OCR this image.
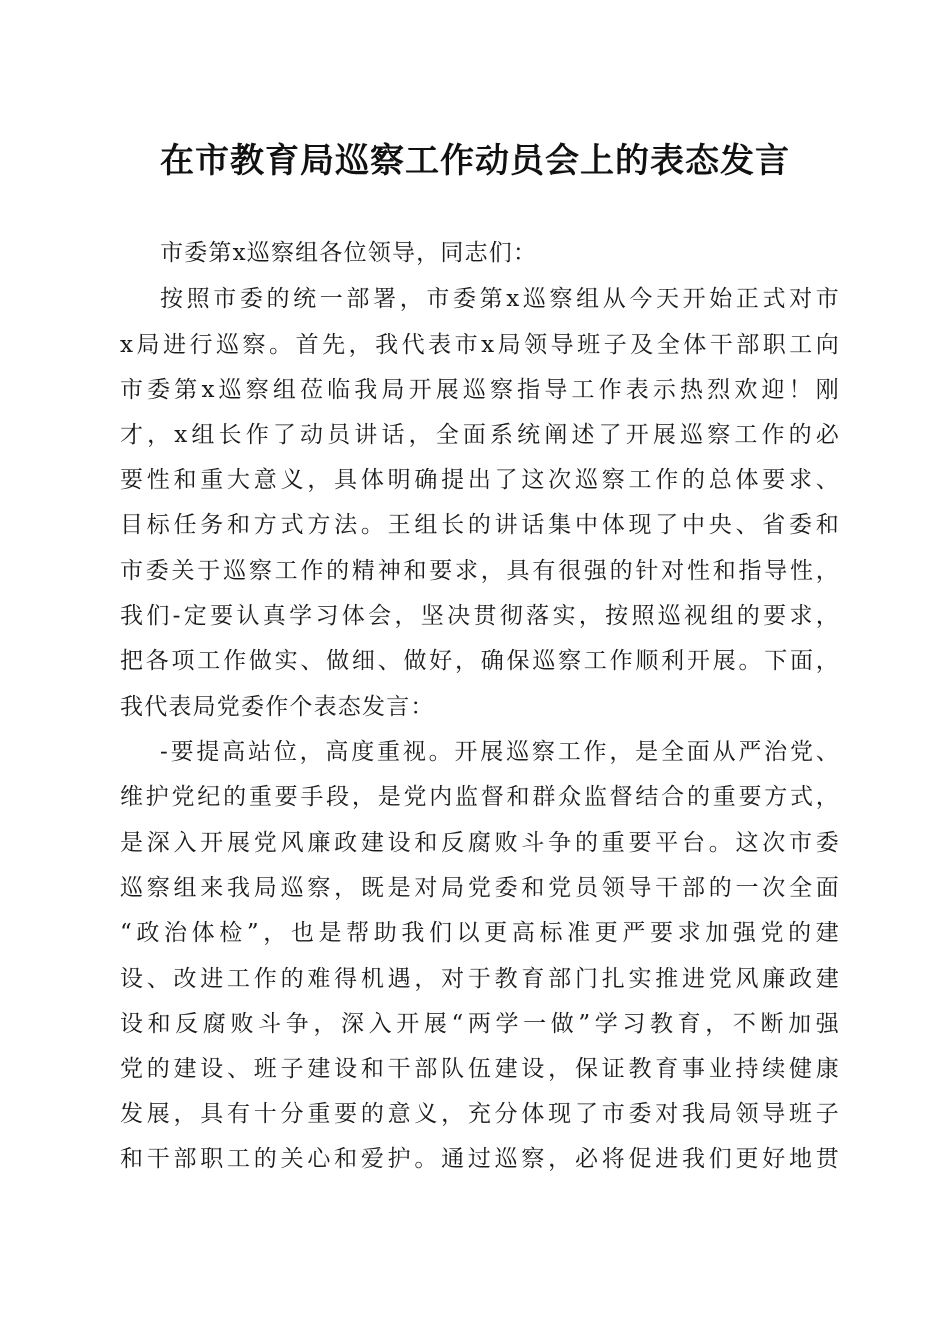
在市教育局巡察工作动员会上的表态发言

市委第x巡察组各位领导，同志们：

按照市委的统一部署，市委第x巡察组从今天开始正式对市

x局进行巡察。首先，我代表市x局领导班子及全体干部职工向

市委第x巡察组莅临我局开展巡察指导工作表示热烈欢迎！刚

才，x组长作了动员讲话，全面系统阐述了开展巡察工作的必

要性和重大意义，具体明确提出了这次巡察工作的总体要求、

目标任务和方式方法。王组长的讲话集中体现了中央、省委和

市委关于巡察工作的精神和要求，具有很强的针对性和指导性，

我们-定要认真学习体会，坚决贯彻落实，按照巡视组的要求，

把各项工作做实、做细、做好，确保巡察工作顺利开展。下面，

我代表局党委作个表态发言：

-要提高站位，高度重视。开展巡察工作，是全面从严治党、

维护党纪的重要手段，是党内监督和群众监督结合的重要方式，

是深入开展党风廉政建设和反腐败斗争的重要平台。这次市委

巡察组来我局巡察，既是对局党委和党员领导干部的一次全面

“政治体检”，也是帮助我们以更高标准更严要求加强党的建

设、改进工作的难得机遇，对于教育部门扎实推进党风廉政建

设和反腐败斗争，深入开展“两学一做”学习教育，不断加强

党的建设、班子建设和干部队伍建设，保证教育事业持续健康

发展，具有十分重要的意义，充分体现了市委对我局领导班子

和干部职工的关心和爱护。通过巡察，必将促进我们更好地贯
